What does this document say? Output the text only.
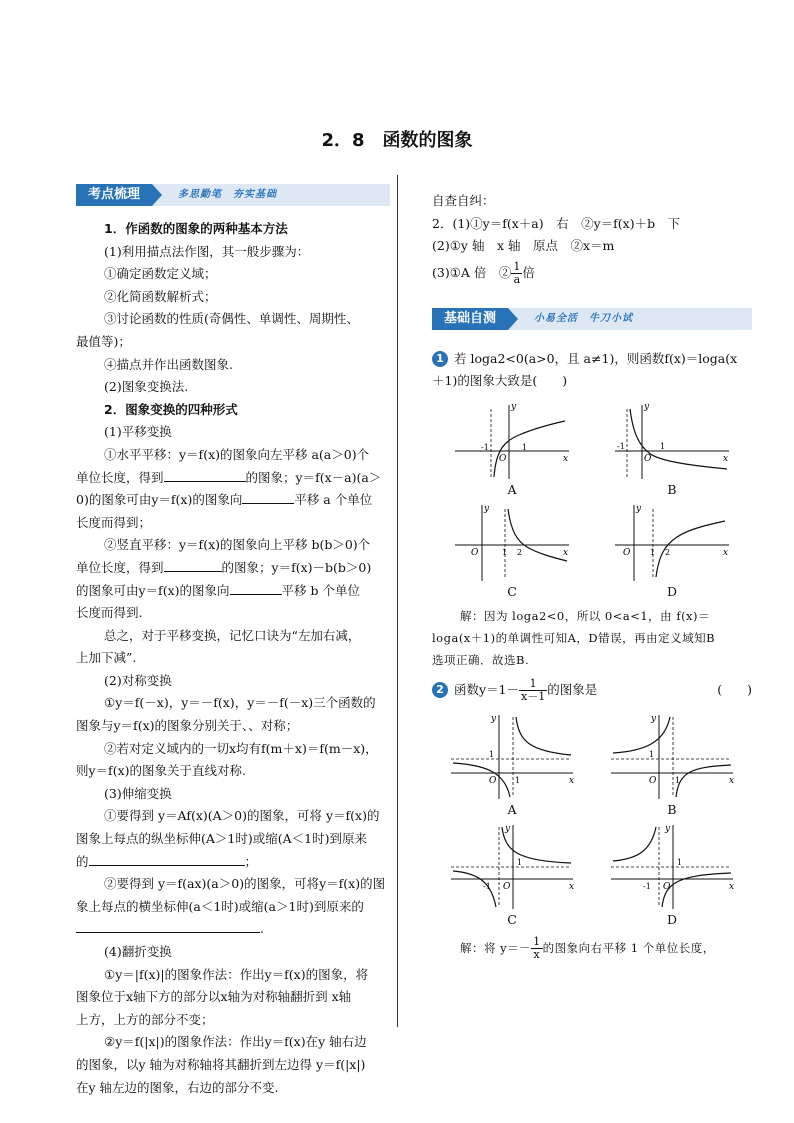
2．8　函数的图象
考点梳理	多思勤笔　夯实基础

1．作函数的图象的两种基本方法

(1)利用描点法作图，其一般步骤为：

①确定函数定义域；

②化简函数解析式；

③讨论函数的性质(奇偶性、单调性、周期性、

最值等)；

④描点并作出函数图象.

(2)图象变换法.

2．图象变换的四种形式

(1)平移变换

①水平平移：y＝f(x)的图象向左平移 a(a＞0)个

单位长度，得到	的图象；y＝f(x－a)(a＞

0)的图象可由y＝f(x)的图象向	平移 a 个单位

长度而得到；

②竖直平移：y＝f(x)的图象向上平移 b(b＞0)个

单位长度，得到	的图象；y＝f(x)－b(b＞0)

的图象可由y＝f(x)的图象向	平移 b 个单位

长度而得到.

总之，对于平移变换，记忆口诀为“左加右减，

上加下减”.

(2)对称变换

①y＝f(－x)，y＝－f(x)，y＝－f(－x)三个函数的

图象与y＝f(x)的图象分别关于、、对称；

②若对定义域内的一切x均有f(m＋x)＝f(m－x)，

则y＝f(x)的图象关于直线对称.

(3)伸缩变换

①要得到 y＝Af(x)(A＞0)的图象，可将 y＝f(x)的

图象上每点的纵坐标伸(A＞1时)或缩(A＜1时)到原来

的	；

②要得到 y＝f(ax)(a＞0)的图象，可将y＝f(x)的图

象上每点的横坐标伸(a＜1时)或缩(a＞1时)到原来的

.

(4)翻折变换

①y＝|f(x)|的图象作法：作出y＝f(x)的图象，将

图象位于x轴下方的部分以x轴为对称轴翻折到 x轴

上方，上方的部分不变；

②y＝f(|x|)的图象作法：作出y＝f(x)在y 轴右边

的图象，以y 轴为对称轴将其翻折到左边得 y＝f(|x|)

在y 轴左边的图象，右边的部分不变.

自查自纠：

2．(1)①y＝f(x＋a)　右　②y＝f(x)＋b　下

(2)①y 轴　x 轴　原点　②x＝m

(3)①A 倍　② $\frac{1}{a}$ 倍

基础自测	小易全活　牛刀小试
1 若 loga2<0(a>0，且 a≠1)，则函数f(x)＝loga(x

＋1)的图象大致是(　　)

x
y
O
-1	1
A
x
y
O
-1	1
B
x
y
O	1 2
C
x
y
O 1 2
D

解：因为 loga2<0，所以 0<a<1，由 f(x)＝

loga(x＋1)的单调性可知A，D错误，再由定义域知B

选项正确．故选B.

2 函数$y=1- \frac{1}{x-1}$ 的图象是	(　　)
x
y
O
1
1
A
x
y
O
1
1
B
x
y
O
1
-1
C
x
y
O
1
-1
D

解：将 $y=- \frac{1}{x}$ 的图象向右平移 1 个单位长度，
